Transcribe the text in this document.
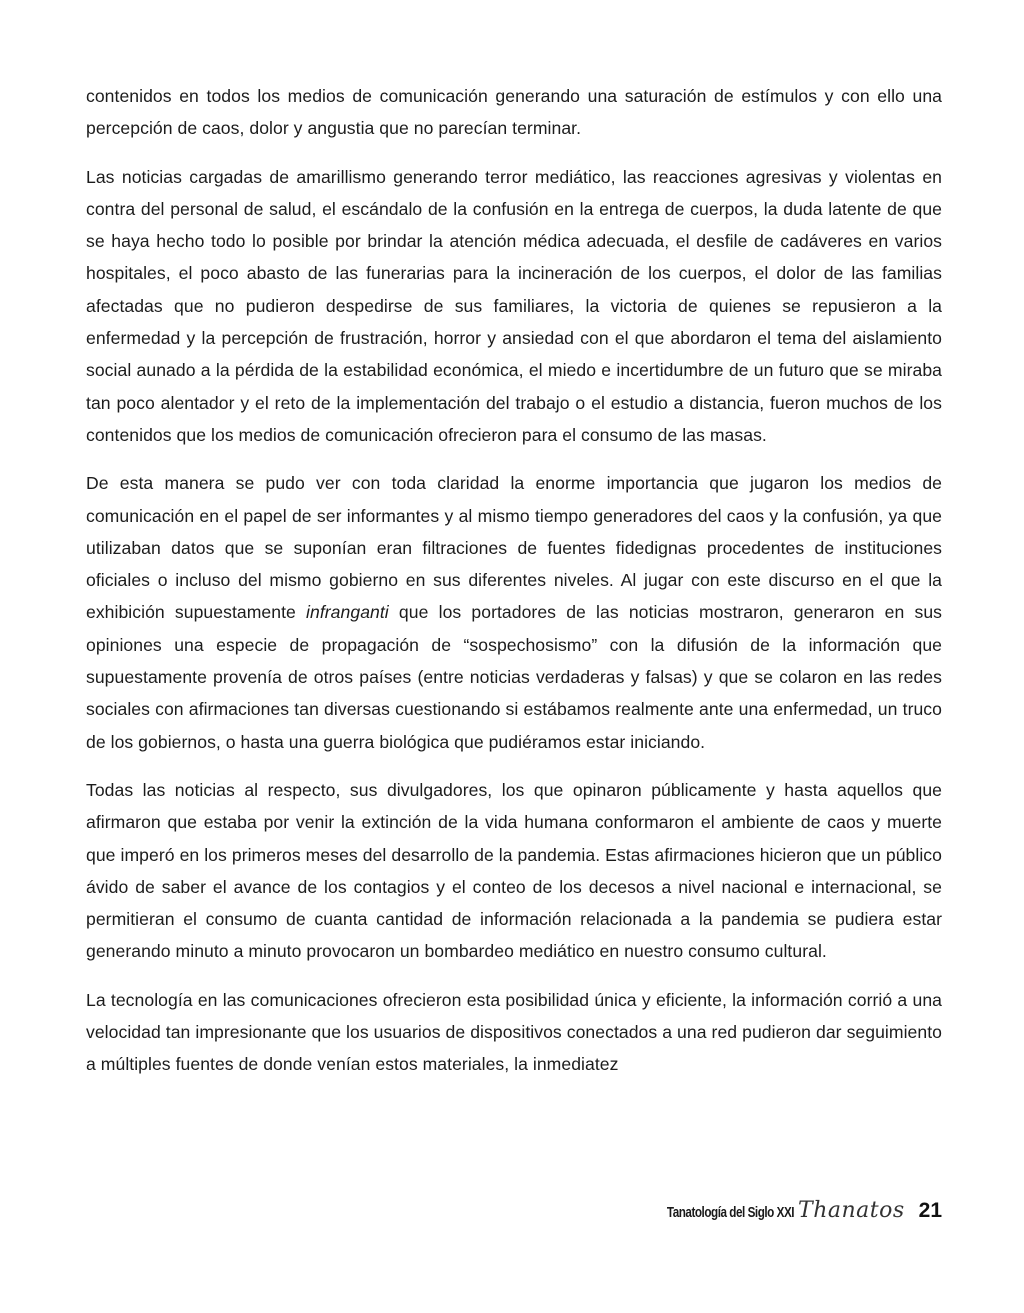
contenidos en todos los medios de comunicación generando una saturación de estímulos y con ello una percepción de caos, dolor y angustia que no parecían terminar.

Las noticias cargadas de amarillismo generando terror mediático, las reacciones agresivas y violentas en contra del personal de salud, el escándalo de la confusión en la entrega de cuerpos, la duda latente de que se haya hecho todo lo posible por brindar la atención médica adecuada, el desfile de cadáveres en varios hospitales, el poco abasto de las funerarias para la incineración de los cuerpos, el dolor de las familias afectadas que no pudieron despedirse de sus familiares, la victoria de quienes se repusieron a la enfermedad y la percepción de frustración, horror y ansiedad con el que abordaron el tema del aislamiento social aunado a la pérdida de la estabilidad económica, el miedo e incertidumbre de un futuro que se miraba tan poco alentador y el reto de la implementación del trabajo o el estudio a distancia, fueron muchos de los contenidos que los medios de comunicación ofrecieron para el consumo de las masas.

De esta manera se pudo ver con toda claridad la enorme importancia que jugaron los medios de comunicación en el papel de ser informantes y al mismo tiempo generadores del caos y la confusión, ya que utilizaban datos que se suponían eran filtraciones de fuentes fidedignas procedentes de instituciones oficiales o incluso del mismo gobierno en sus diferentes niveles. Al jugar con este discurso en el que la exhibición supuestamente infranganti que los portadores de las noticias mostraron, generaron en sus opiniones una especie de propagación de “sospechosismo” con la difusión de la información que supuestamente provenía de otros países (entre noticias verdaderas y falsas) y que se colaron en las redes sociales con afirmaciones tan diversas cuestionando si estábamos realmente ante una enfermedad, un truco de los gobiernos, o hasta una guerra biológica que pudiéramos estar iniciando.

Todas las noticias al respecto, sus divulgadores, los que opinaron públicamente y hasta aquellos que afirmaron que estaba por venir la extinción de la vida humana conformaron el ambiente de caos y muerte que imperó en los primeros meses del desarrollo de la pandemia. Estas afirmaciones hicieron que un público ávido de saber el avance de los contagios y el conteo de los decesos a nivel nacional e internacional, se permitieran el consumo de cuanta cantidad de información relacionada a la pandemia se pudiera estar generando minuto a minuto provocaron un bombardeo mediático en nuestro consumo cultural.

La tecnología en las comunicaciones ofrecieron esta posibilidad única y eficiente, la información corrió a una velocidad tan impresionante que los usuarios de dispositivos conectados a una red pudieron dar seguimiento a múltiples fuentes de donde venían estos materiales, la inmediatez

Tanatología del Siglo XXI Thanatos 21
